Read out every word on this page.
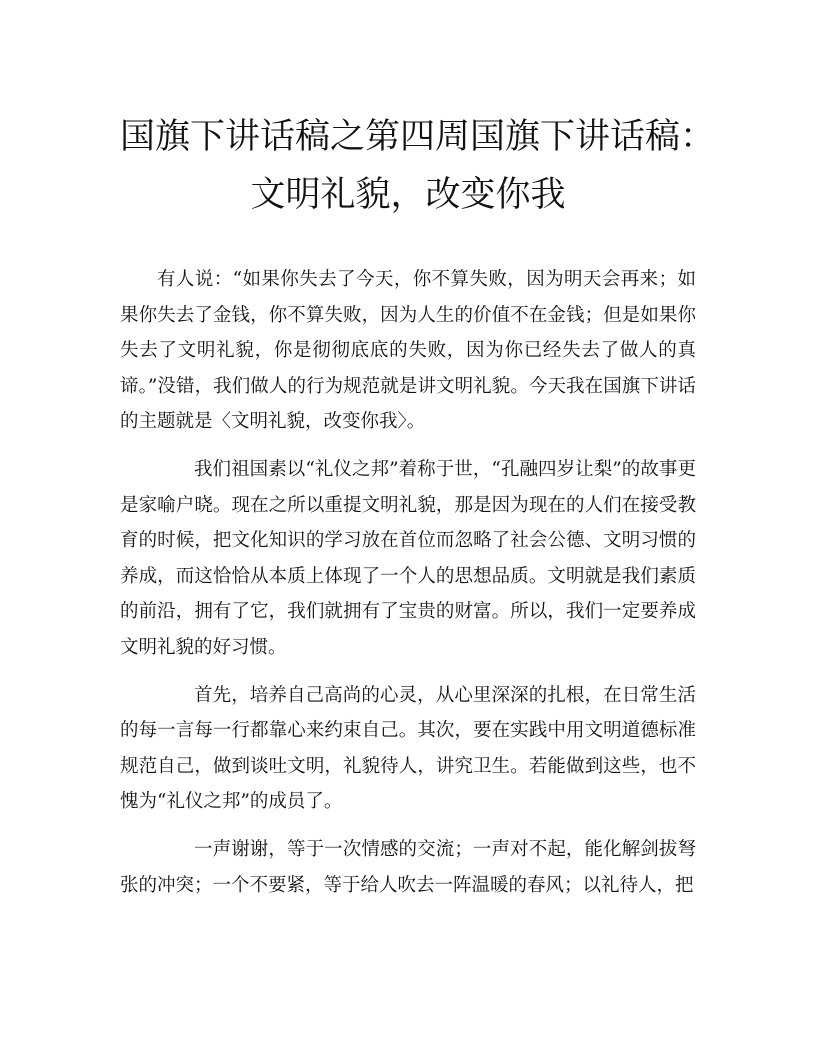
国旗下讲话稿之第四周国旗下讲话稿：
文明礼貌，改变你我

有人说：“如果你失去了今天，你不算失败，因为明天会再来；如果你失去了金钱，你不算失败，因为人生的价值不在金钱；但是如果你失去了文明礼貌，你是彻彻底底的失败，因为你已经失去了做人的真谛。”没错，我们做人的行为规范就是讲文明礼貌。今天我在国旗下讲话的主题就是〈文明礼貌，改变你我〉。

我们祖国素以“礼仪之邦”着称于世，“孔融四岁让梨”的故事更是家喻户晓。现在之所以重提文明礼貌，那是因为现在的人们在接受教育的时候，把文化知识的学习放在首位而忽略了社会公德、文明习惯的养成，而这恰恰从本质上体现了一个人的思想品质。文明就是我们素质的前沿，拥有了它，我们就拥有了宝贵的财富。所以，我们一定要养成文明礼貌的好习惯。

首先，培养自己高尚的心灵，从心里深深的扎根，在日常生活的每一言每一行都靠心来约束自己。其次，要在实践中用文明道德标准规范自己，做到谈吐文明，礼貌待人，讲究卫生。若能做到这些，也不愧为“礼仪之邦”的成员了。

一声谢谢，等于一次情感的交流；一声对不起，能化解剑拔弩张的冲突；一个不要紧，等于给人吹去一阵温暖的春风；以礼待人，把
